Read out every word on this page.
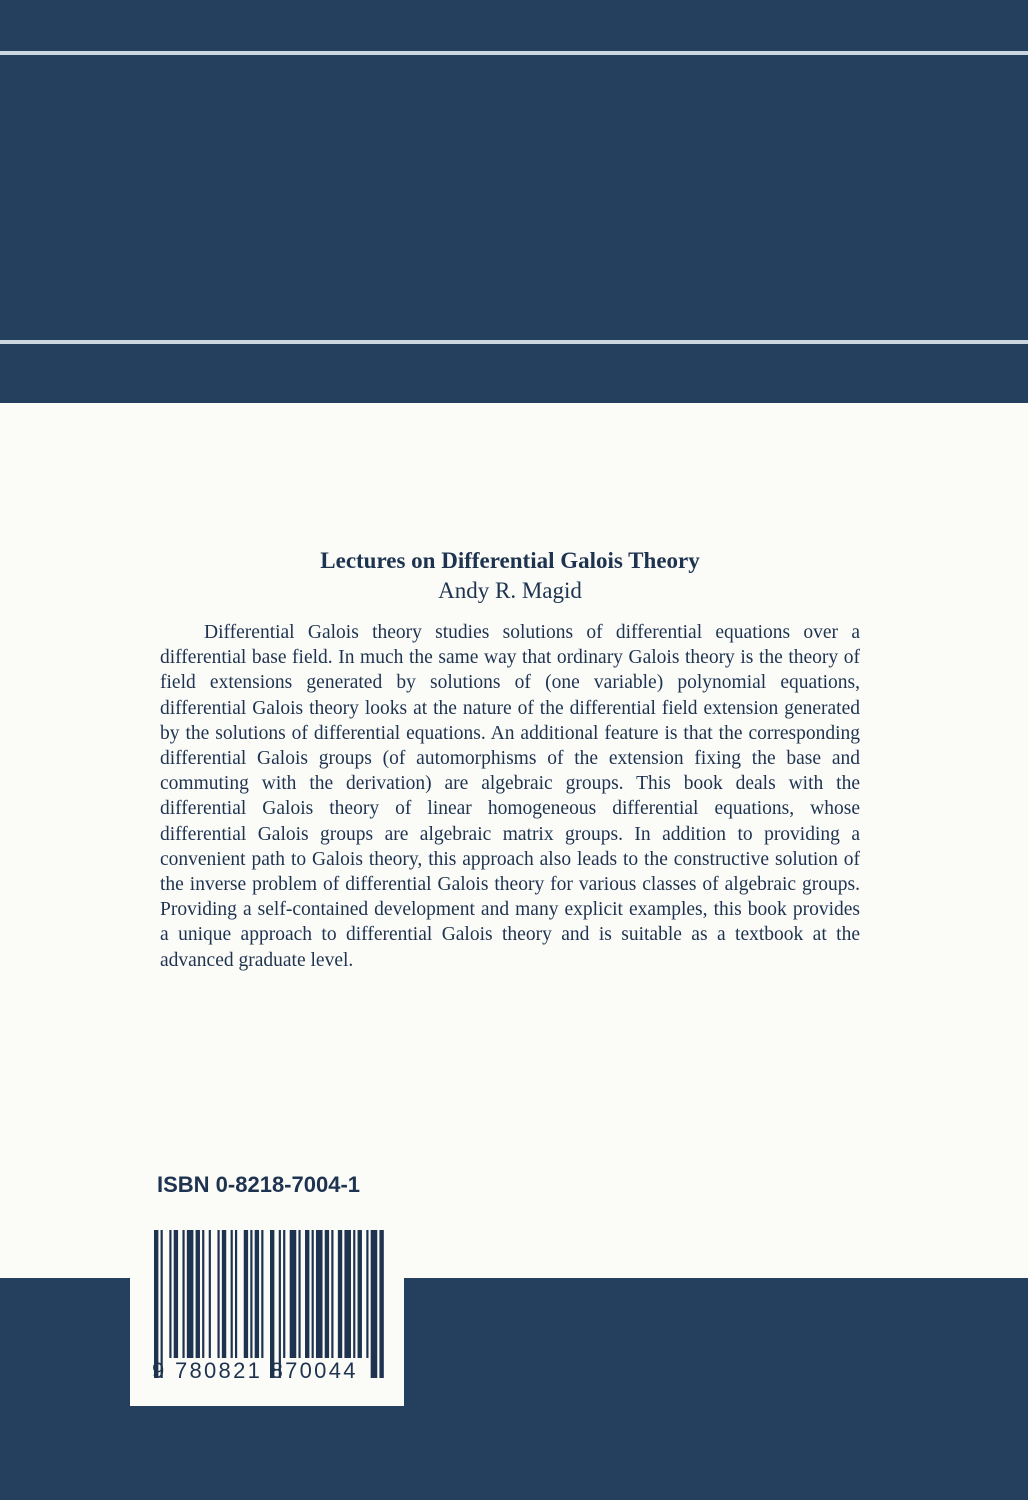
Lectures on Differential Galois Theory

Andy R. Magid

Differential Galois theory studies solutions of differential equations over a differential base field. In much the same way that ordinary Galois theory is the theory of field extensions generated by solutions of (one variable) polynomial equations, differential Galois theory looks at the nature of the differential field extension generated by the solutions of differential equations. An additional feature is that the corresponding differential Galois groups (of automorphisms of the extension fixing the base and commuting with the derivation) are algebraic groups. This book deals with the differential Galois theory of linear homogeneous differential equations, whose differential Galois groups are algebraic matrix groups. In addition to providing a convenient path to Galois theory, this approach also leads to the constructive solution of the inverse problem of differential Galois theory for various classes of algebraic groups. Providing a self-contained development and many explicit examples, this book provides a unique approach to differential Galois theory and is suitable as a textbook at the advanced graduate level.

ISBN 0-8218-7004-1
9 780821 870044
